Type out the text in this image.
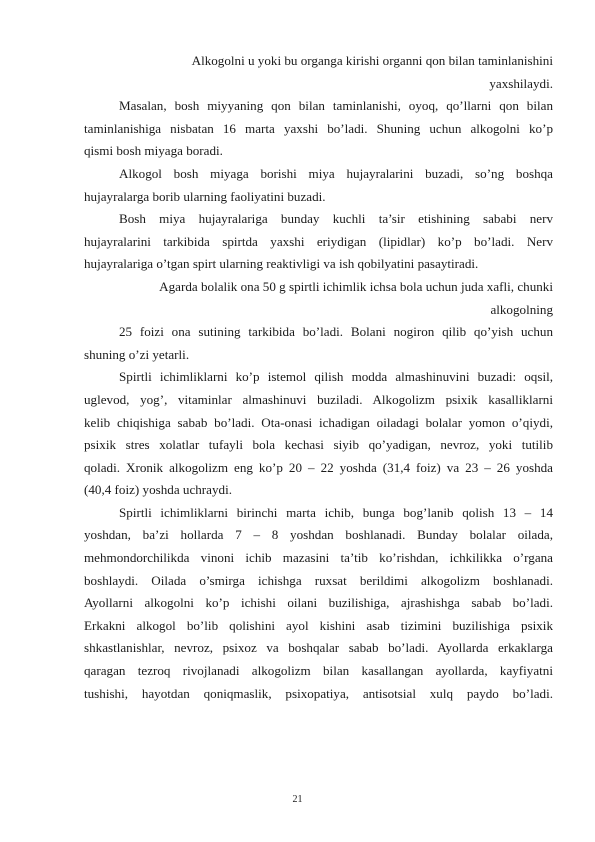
Alkogolni u yoki bu organga kirishi organni qon bilan taminlanishini
yaxshilaydi.
Masalan, bosh miyyaning qon bilan taminlanishi, oyoq, qo’llarni qon bilan
taminlanishiga nisbatan 16 marta yaxshi bo’ladi. Shuning uchun alkogolni ko’p
qismi bosh miyaga boradi.
Alkogol bosh miyaga borishi miya hujayralarini buzadi, so’ng boshqa
hujayralarga borib ularning faoliyatini buzadi.
Bosh miya hujayralariga bunday kuchli ta’sir etishining sababi nerv
hujayralarini tarkibida spirtda yaxshi eriydigan (lipidlar) ko’p bo’ladi. Nerv
hujayralariga o’tgan spirt ularning reaktivligi va ish qobilyatini pasaytiradi.
Agarda bolalik ona 50 g spirtli ichimlik ichsa bola uchun juda xafli, chunki
alkogolning
25 foizi ona sutining tarkibida bo’ladi. Bolani nogiron qilib qo’yish uchun
shuning o’zi yetarli.
Spirtli ichimliklarni ko’p istemol qilish modda almashinuvini buzadi: oqsil,
uglevod, yog’, vitaminlar almashinuvi buziladi. Alkogolizm psixik kasalliklarni
kelib chiqishiga sabab bo’ladi. Ota-onasi ichadigan oiladagi bolalar yomon o’qiydi,
psixik stres xolatlar tufayli bola kechasi siyib qo’yadigan, nevroz, yoki tutilib
qoladi. Xronik alkogolizm eng ko’p 20 – 22 yoshda (31,4 foiz) va 23 – 26 yoshda
(40,4 foiz) yoshda uchraydi.
Spirtli ichimliklarni birinchi marta ichib, bunga bog’lanib qolish 13 – 14
yoshdan, ba’zi hollarda 7 – 8 yoshdan boshlanadi. Bunday bolalar oilada,
mehmondorchilikda vinoni ichib mazasini ta’tib ko’rishdan, ichkilikka o’rgana
boshlaydi. Oilada o’smirga ichishga ruxsat berildimi alkogolizm boshlanadi.
Ayollarni alkogolni ko’p ichishi oilani buzilishiga, ajrashishga sabab bo’ladi.
Erkakni alkogol bo’lib qolishini ayol kishini asab tizimini buzilishiga psixik
shkastlanishlar, nevroz, psixoz va boshqalar sabab bo’ladi. Ayollarda erkaklarga
qaragan tezroq rivojlanadi alkogolizm bilan kasallangan ayollarda, kayfiyatni
tushishi, hayotdan qoniqmaslik, psixopatiya, antisotsial xulq paydo bo’ladi.
21
